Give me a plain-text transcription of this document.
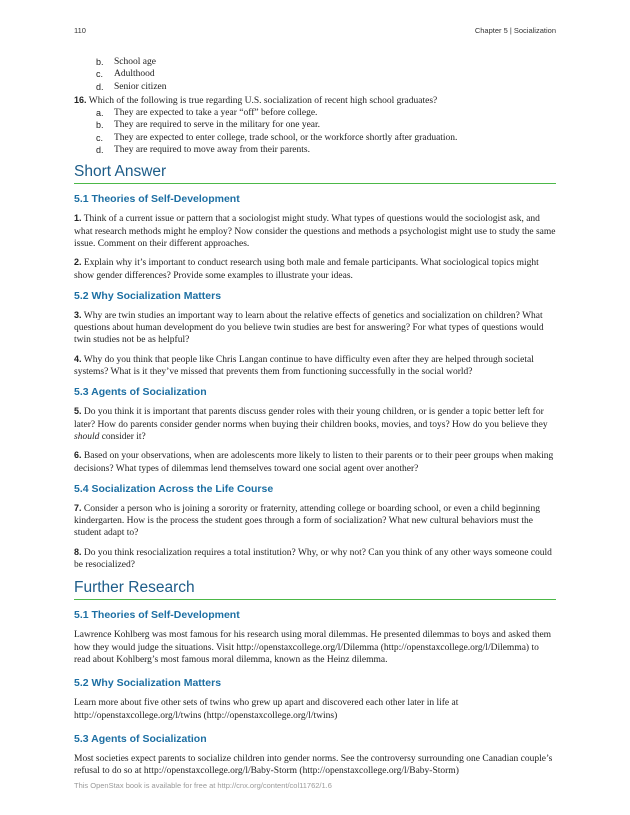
110	Chapter 5 | Socialization
b. School age
c. Adulthood
d. Senior citizen
16. Which of the following is true regarding U.S. socialization of recent high school graduates?
a. They are expected to take a year “off” before college.
b. They are required to serve in the military for one year.
c. They are expected to enter college, trade school, or the workforce shortly after graduation.
d. They are required to move away from their parents.
Short Answer
5.1 Theories of Self-Development

1. Think of a current issue or pattern that a sociologist might study. What types of questions would the sociologist ask, and what research methods might he employ? Now consider the questions and methods a psychologist might use to study the same issue. Comment on their different approaches.

2. Explain why it’s important to conduct research using both male and female participants. What sociological topics might show gender differences? Provide some examples to illustrate your ideas.

5.2 Why Socialization Matters

3. Why are twin studies an important way to learn about the relative effects of genetics and socialization on children? What questions about human development do you believe twin studies are best for answering? For what types of questions would twin studies not be as helpful?

4. Why do you think that people like Chris Langan continue to have difficulty even after they are helped through societal systems? What is it they’ve missed that prevents them from functioning successfully in the social world?

5.3 Agents of Socialization

5. Do you think it is important that parents discuss gender roles with their young children, or is gender a topic better left for later? How do parents consider gender norms when buying their children books, movies, and toys? How do you believe they should consider it?

6. Based on your observations, when are adolescents more likely to listen to their parents or to their peer groups when making decisions? What types of dilemmas lend themselves toward one social agent over another?

5.4 Socialization Across the Life Course

7. Consider a person who is joining a sorority or fraternity, attending college or boarding school, or even a child beginning kindergarten. How is the process the student goes through a form of socialization? What new cultural behaviors must the student adapt to?

8. Do you think resocialization requires a total institution? Why, or why not? Can you think of any other ways someone could be resocialized?

Further Research
5.1 Theories of Self-Development

Lawrence Kohlberg was most famous for his research using moral dilemmas. He presented dilemmas to boys and asked them how they would judge the situations. Visit http://openstaxcollege.org/l/Dilemma (http://openstaxcollege.org/l/Dilemma) to read about Kohlberg’s most famous moral dilemma, known as the Heinz dilemma.

5.2 Why Socialization Matters

Learn more about five other sets of twins who grew up apart and discovered each other later in life at http://openstaxcollege.org/l/twins (http://openstaxcollege.org/l/twins)

5.3 Agents of Socialization

Most societies expect parents to socialize children into gender norms. See the controversy surrounding one Canadian couple’s refusal to do so at http://openstaxcollege.org/l/Baby-Storm (http://openstaxcollege.org/l/Baby-Storm)

This OpenStax book is available for free at http://cnx.org/content/col11762/1.6
